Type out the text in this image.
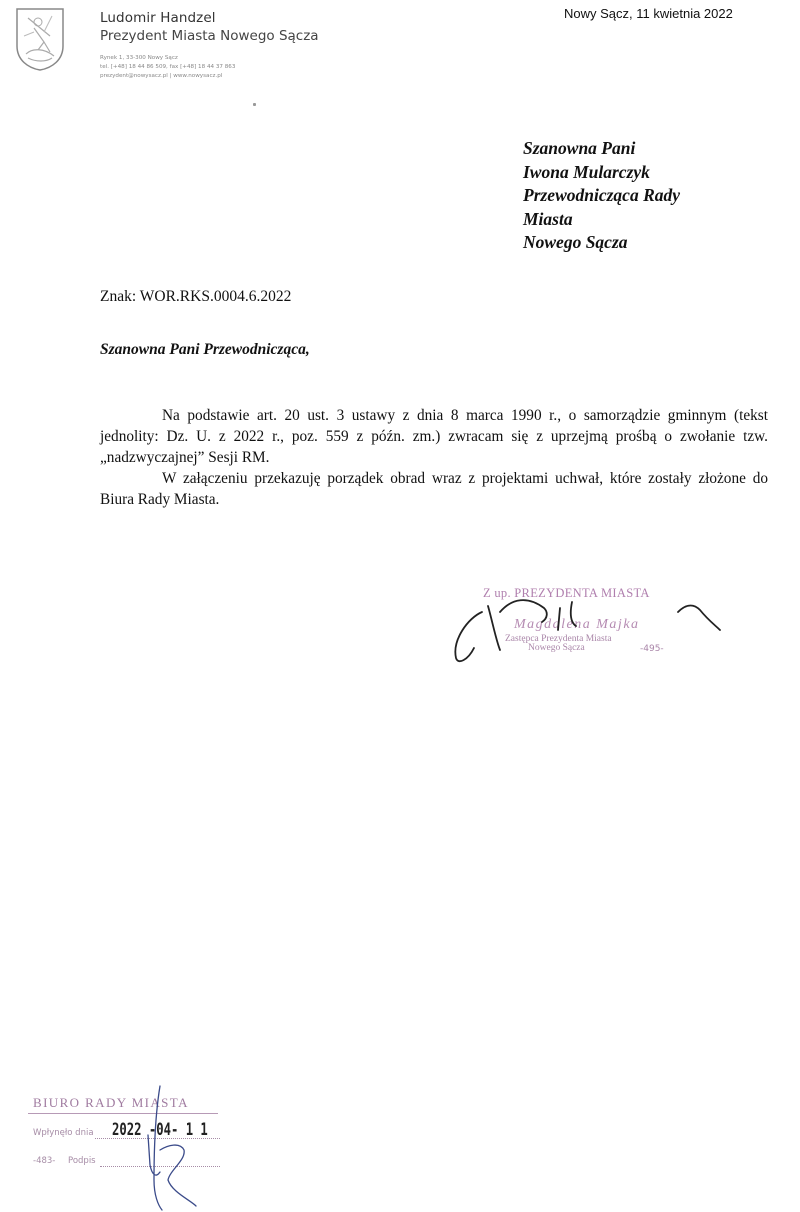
Ludomir Handzel
Prezydent Miasta Nowego Sącza
Rynek 1, 33-300 Nowy Sącz
tel. [+48] 18 44 86 509, fax [+48] 18 44 37 863
prezydent@nowysacz.pl | www.nowysacz.pl
Nowy Sącz, 11 kwietnia 2022
Szanowna Pani
Iwona Mularczyk
Przewodnicząca Rady
Miasta
Nowego Sącza
Znak: WOR.RKS.0004.6.2022
Szanowna Pani Przewodnicząca,

Na podstawie art. 20 ust. 3 ustawy z dnia 8 marca 1990 r., o samorządzie gminnym (tekst jednolity: Dz. U. z 2022 r., poz. 559 z późn. zm.) zwracam się z uprzejmą prośbą o zwołanie tzw. „nadzwyczajnej” Sesji RM.

W załączeniu przekazuję porządek obrad wraz z projektami uchwał, które zostały złożone do Biura Rady Miasta.

Z up. PREZYDENTA MIASTA
Magdalena Majka
Zastępca Prezydenta Miasta
Nowego Sącza	-495-
BIURO RADY MIASTA
Wpłynęło dnia 2022 -04- 1 1
-483- Podpis
